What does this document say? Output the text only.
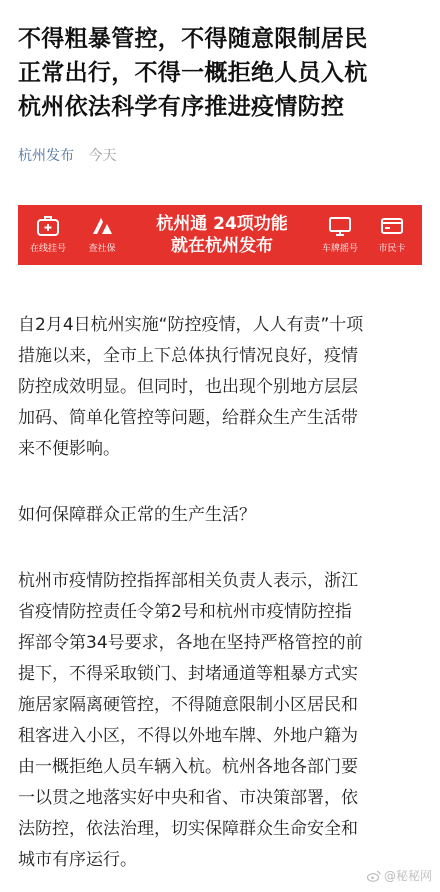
不得粗暴管控，不得随意限制居民
正常出行，不得一概拒绝人员入杭
杭州依法科学有序推进疫情防控
杭州发布 今天
在线挂号	查社保
杭州通 24项功能
就在杭州发布	车牌摇号	市民卡

自2月4日杭州实施“防控疫情，人人有责”十项
措施以来，全市上下总体执行情况良好，疫情
防控成效明显。但同时，也出现个别地方层层
加码、简单化管控等问题，给群众生产生活带
来不便影响。

如何保障群众正常的生产生活？

杭州市疫情防控指挥部相关负责人表示，浙江
省疫情防控责任令第2号和杭州市疫情防控指
挥部令第34号要求，各地在坚持严格管控的前
提下，不得采取锁门、封堵通道等粗暴方式实
施居家隔离硬管控，不得随意限制小区居民和
租客进入小区，不得以外地车牌、外地户籍为
由一概拒绝人员车辆入杭。杭州各地各部门要
一以贯之地落实好中央和省、市决策部署，依
法防控，依法治理，切实保障群众生命安全和
城市有序运行。

@秘秘网
